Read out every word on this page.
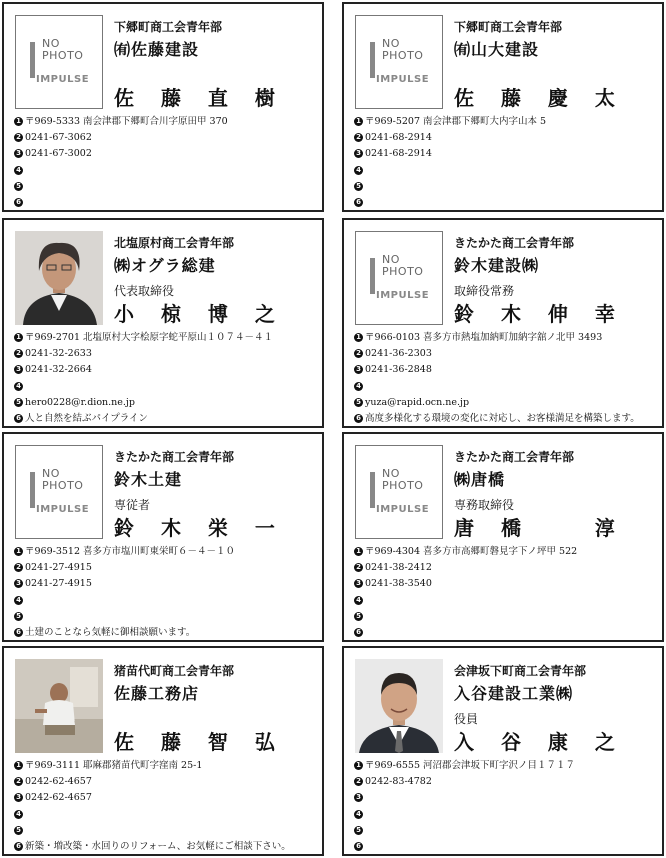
NO
PHOTO
IMPULSE
下郷町商工会青年部
㈲佐藤建設
佐 藤 直 樹
1 〒969-5333 南会津郡下郷町合川字原田甲 370
2 0241-67-3062
3 0241-67-3002
4
5
6
NO
PHOTO
IMPULSE
下郷町商工会青年部
㈲山大建設
佐 藤 慶 太
1 〒969-5207 南会津郡下郷町大内字山本 5
2 0241-68-2914
3 0241-68-2914
4
5
6
北塩原村商工会青年部
㈱オグラ総建
代表取締役
小 椋 博 之
1 〒969-2701 北塩原村大字桧原字蛇平原山１０７４－４１
2 0241-32-2633
3 0241-32-2664
4
5 hero0228@r.dion.ne.jp
6 人と自然を結ぶパイプライン
NO
PHOTO
IMPULSE
きたかた商工会青年部
鈴木建設㈱
取締役常務
鈴 木 伸 幸
1 〒966-0103 喜多方市熱塩加納町加納字舘ノ北甲 3493
2 0241-36-2303
3 0241-36-2848
4
5 yuza@rapid.ocn.ne.jp
6 高度多様化する環境の変化に対応し、お客様満足を構築します。
NO
PHOTO
IMPULSE
きたかた商工会青年部
鈴木土建
専従者
鈴 木 栄 一
1 〒969-3512 喜多方市塩川町東栄町６－４－１０
2 0241-27-4915
3 0241-27-4915
4
5
6 土建のことなら気軽に御相談願います。
NO
PHOTO
IMPULSE
きたかた商工会青年部
㈱唐橋
専務取締役
唐 橋 　 淳
1 〒969-4304 喜多方市高郷町磐見字下ノ坪甲 522
2 0241-38-2412
3 0241-38-3540
4
5
6
猪苗代町商工会青年部
佐藤工務店
佐 藤 智 弘
1 〒969-3111 耶麻郡猪苗代町字窪南 25-1
2 0242-62-4657
3 0242-62-4657
4
5
6 新築・増改築・水回りのリフォーム、お気軽にご相談下さい。
会津坂下町商工会青年部
入谷建設工業㈱
役員
入 谷 康 之
1 〒969-6555 河沼郡会津坂下町字沢ノ目１７１７
2 0242-83-4782
3
4
5
6
